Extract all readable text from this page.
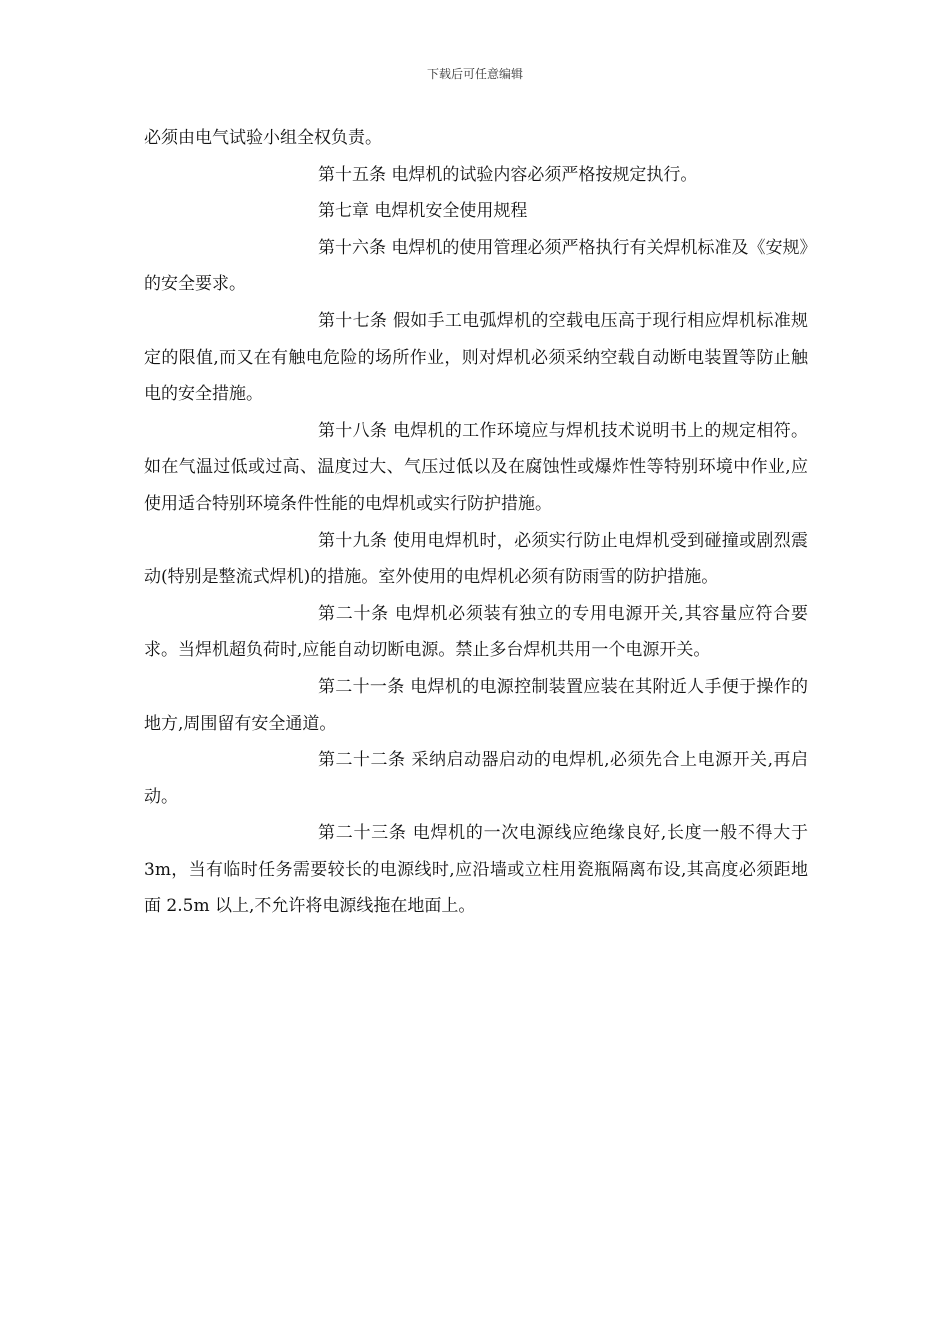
下载后可任意编辑

必须由电气试验小组全权负责。

第十五条 电焊机的试验内容必须严格按规定执行。

第七章 电焊机安全使用规程

第十六条 电焊机的使用管理必须严格执行有关焊机标准及《安规》的安全要求。

第十七条 假如手工电弧焊机的空载电压高于现行相应焊机标准规定的限值,而又在有触电危险的场所作业，则对焊机必须采纳空载自动断电装置等防止触电的安全措施。

第十八条 电焊机的工作环境应与焊机技术说明书上的规定相符。如在气温过低或过高、温度过大、气压过低以及在腐蚀性或爆炸性等特别环境中作业,应使用适合特别环境条件性能的电焊机或实行防护措施。

第十九条 使用电焊机时，必须实行防止电焊机受到碰撞或剧烈震动(特别是整流式焊机)的措施。室外使用的电焊机必须有防雨雪的防护措施。

第二十条 电焊机必须装有独立的专用电源开关,其容量应符合要求。当焊机超负荷时,应能自动切断电源。禁止多台焊机共用一个电源开关。

第二十一条 电焊机的电源控制装置应装在其附近人手便于操作的地方,周围留有安全通道。

第二十二条 采纳启动器启动的电焊机,必须先合上电源开关,再启动。

第二十三条 电焊机的一次电源线应绝缘良好,长度一般不得大于 3m，当有临时任务需要较长的电源线时,应沿墙或立柱用瓷瓶隔离布设,其高度必须距地面 2.5m 以上,不允许将电源线拖在地面上。
